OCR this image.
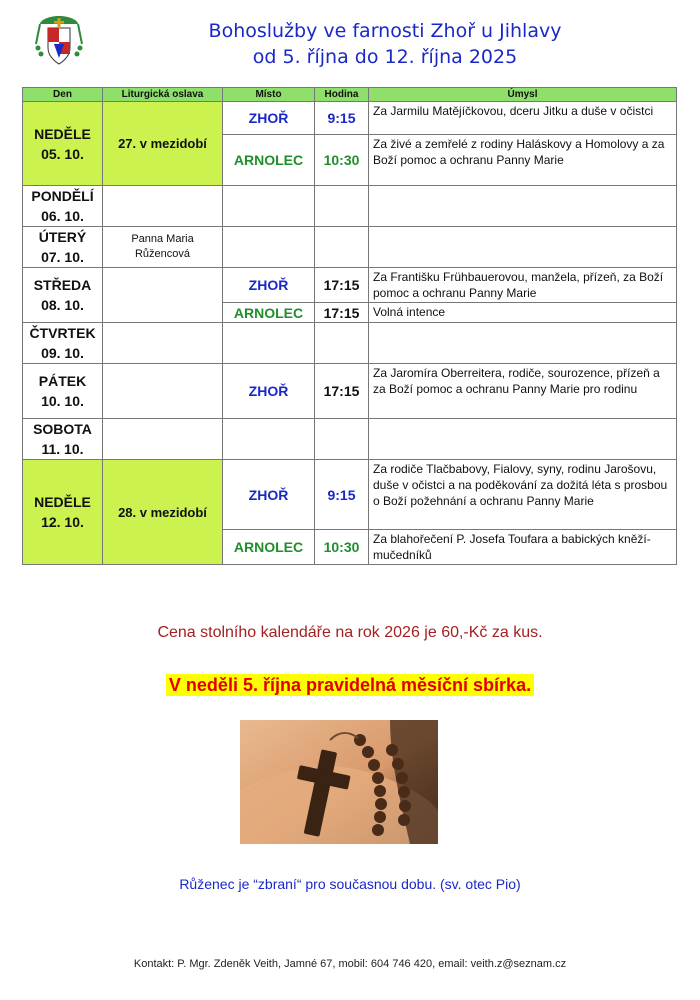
Bohoslužby ve farnosti Zhoř u Jihlavy
od 5. října do 12. října 2025
Den	Liturgická oslava	Místo	Hodina	Úmysl

NEDĚLE
05. 10.	27. v mezidobí	ZHOŘ	9:15	Za Jarmilu Matějíčkovou, dceru Jitku a duše v očistci
		ARNOLEC	10:30	Za živé a zemřelé z rodiny Haláskovy a Homolovy a za Boží pomoc a ochranu Panny Marie

PONDĚLÍ
06. 10.				

ÚTERÝ
07. 10.	Panna Maria Růžencová			

STŘEDA
08. 10.		ZHOŘ	17:15	Za Františku Frühbauerovou, manžela, přízeň, za Boží pomoc a ochranu Panny Marie
		ARNOLEC	17:15	Volná intence

ČTVRTEK
09. 10.				

PÁTEK
10. 10.		ZHOŘ	17:15	Za Jaromíra Oberreitera, rodiče, sourozence, přízeň a za Boží pomoc a ochranu Panny Marie pro rodinu

SOBOTA
11. 10.				

NEDĚLE
12. 10.	28. v mezidobí	ZHOŘ	9:15	Za rodiče Tlačbabovy, Fialovy, syny, rodinu Jarošovu, duše v očistci a na poděkování za dožitá léta s prosbou o Boží požehnání a ochranu Panny Marie
		ARNOLEC	10:30	Za blahořečení P. Josefa Toufara a babických kněží-mučedníků
Cena stolního kalendáře na rok 2026 je 60,-Kč za kus.
V neděli 5. října pravidelná měsíční sbírka.
Růženec je “zbraní“ pro současnou dobu. (sv. otec Pio)
Kontakt: P. Mgr. Zdeněk Veith, Jamné 67, mobil: 604 746 420, email: veith.z@seznam.cz
